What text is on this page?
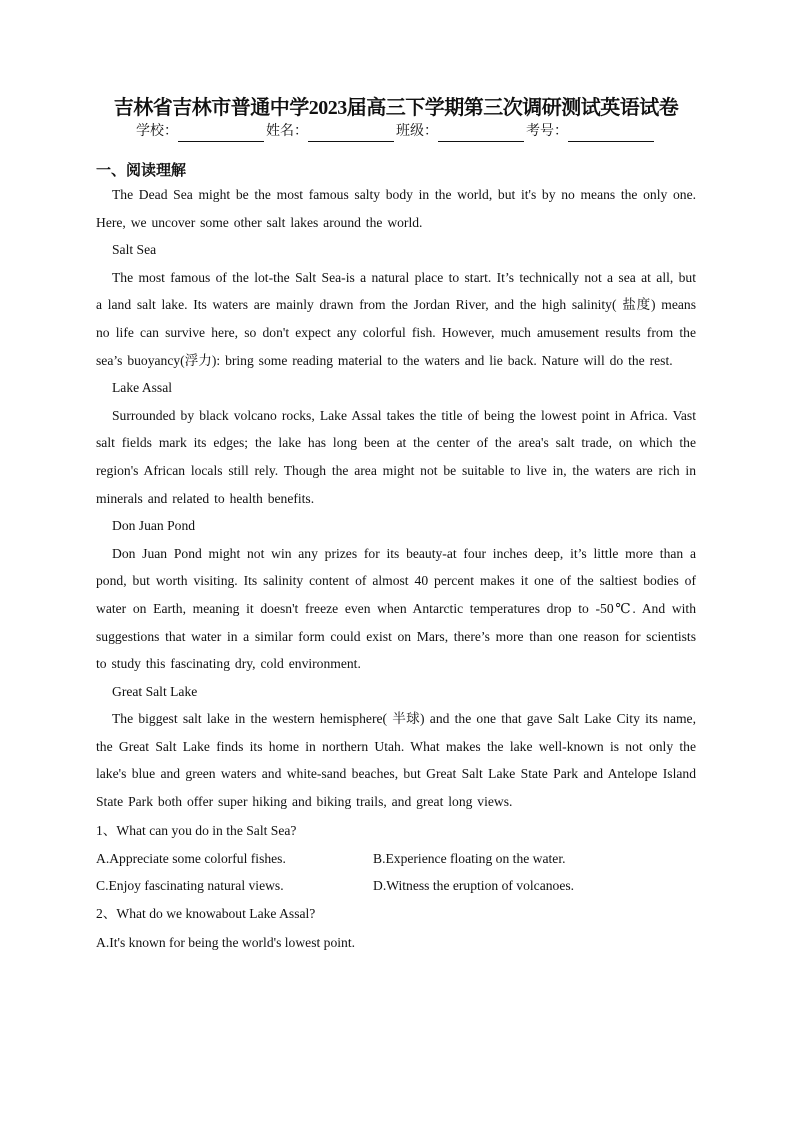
吉林省吉林市普通中学2023届高三下学期第三次调研测试英语试卷
学校：	姓名：	班级：	考号：
一、阅读理解

The Dead Sea might be the most famous salty body in the world, but it's by no means the only one. Here, we uncover some other salt lakes around the world.

Salt Sea

The most famous of the lot-the Salt Sea-is a natural place to start. It’s technically not a sea at all, but a land salt lake. Its waters are mainly drawn from the Jordan River, and the high salinity( 盐度) means no life can survive here, so don't expect any colorful fish. However, much amusement results from the sea’s buoyancy(浮力): bring some reading material to the waters and lie back. Nature will do the rest.

Lake Assal

Surrounded by black volcano rocks, Lake Assal takes the title of being the lowest point in Africa. Vast salt fields mark its edges; the lake has long been at the center of the area's salt trade, on which the region's African locals still rely. Though the area might not be suitable to live in, the waters are rich in minerals and related to health benefits.

Don Juan Pond

Don Juan Pond might not win any prizes for its beauty-at four inches deep, it’s little more than a pond, but worth visiting. Its salinity content of almost 40 percent makes it one of the saltiest bodies of water on Earth, meaning it doesn't freeze even when Antarctic temperatures drop to -50℃. And with suggestions that water in a similar form could exist on Mars, there’s more than one reason for scientists to study this fascinating dry, cold environment.

Great Salt Lake

The biggest salt lake in the western hemisphere( 半球) and the one that gave Salt Lake City its name, the Great Salt Lake finds its home in northern Utah. What makes the lake well-known is not only the lake's blue and green waters and white-sand beaches, but Great Salt Lake State Park and Antelope Island State Park both offer super hiking and biking trails, and great long views.

1、What can you do in the Salt Sea?

A.Appreciate some colorful fishes.	B.Experience floating on the water.
C.Enjoy fascinating natural views.	D.Witness the eruption of volcanoes.

2、What do we knowabout Lake Assal?

A.It's known for being the world's lowest point.
